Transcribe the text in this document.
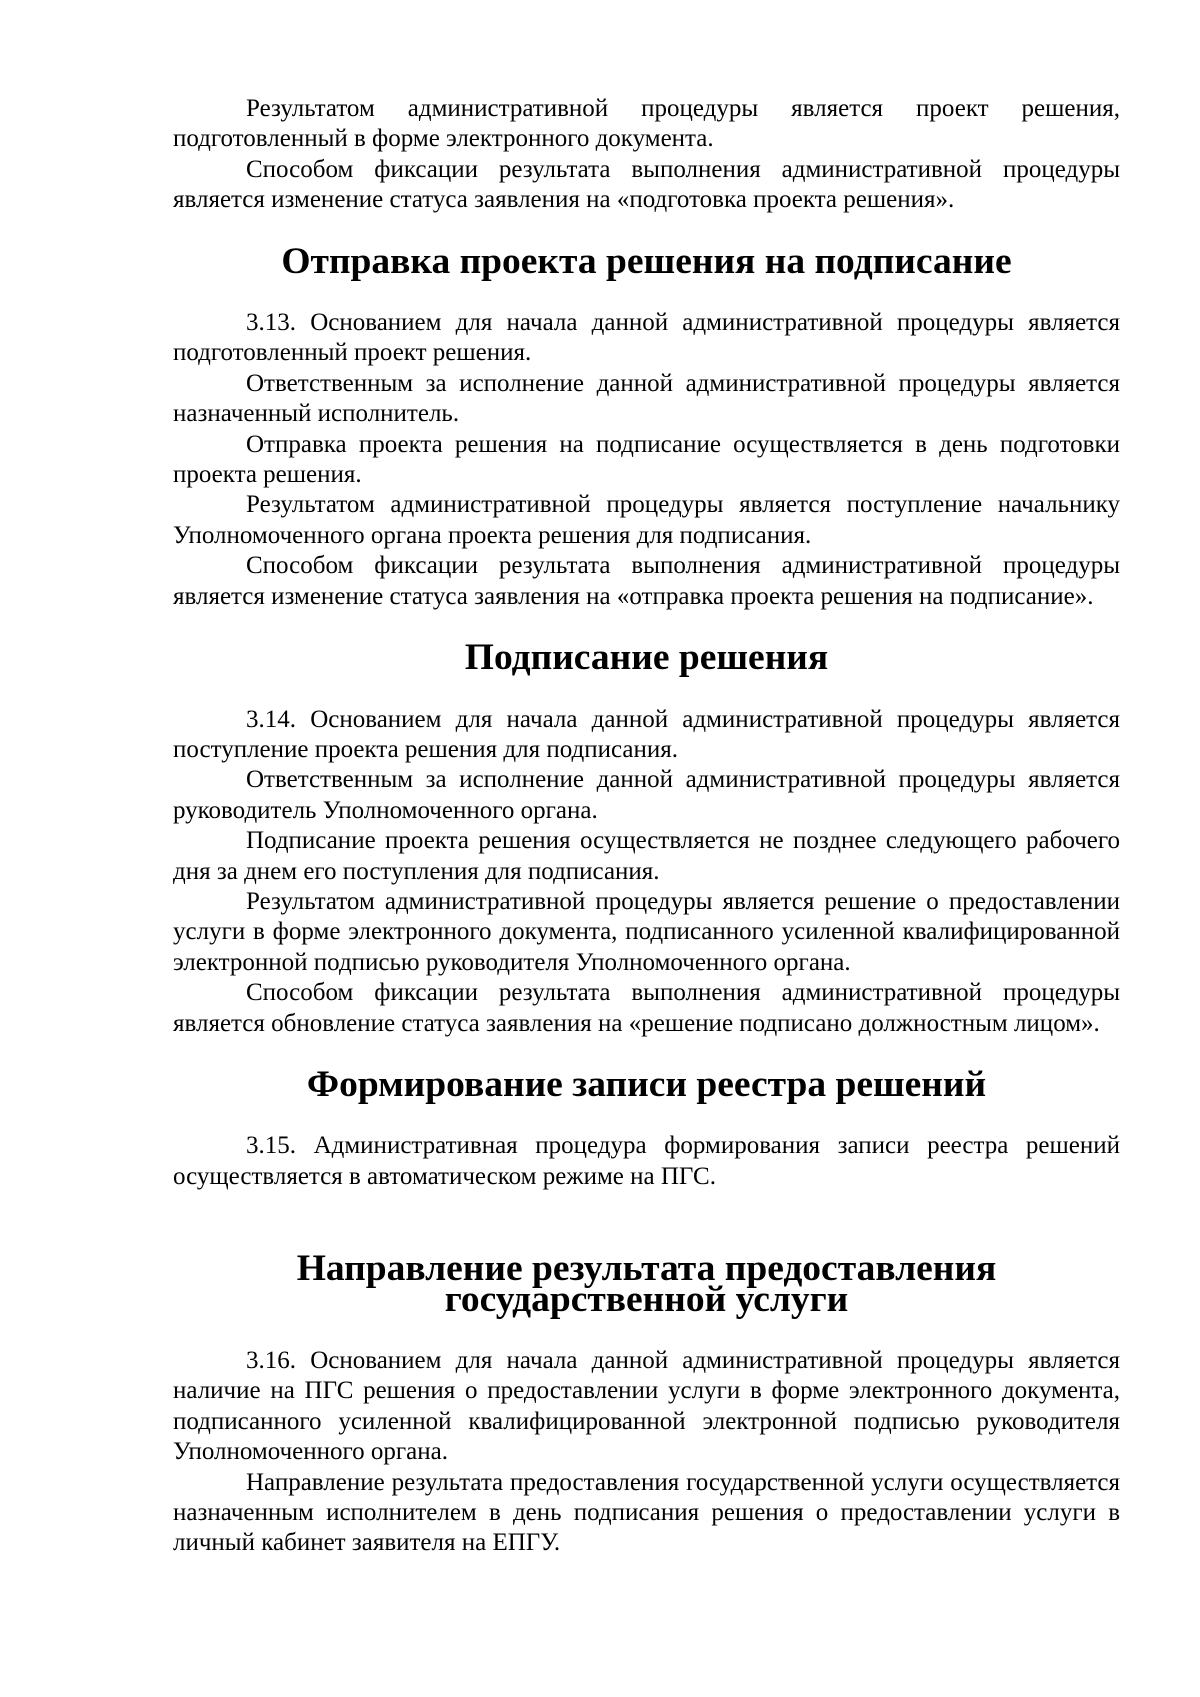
Результатом административной процедуры является проект решения, подготовленный в форме электронного документа.

Способом фиксации результата выполнения административной процедуры является изменение статуса заявления на «подготовка проекта решения».

Отправка проекта решения на подписание

3.13. Основанием для начала данной административной процедуры является подготовленный проект решения.

Ответственным за исполнение данной административной процедуры является назначенный исполнитель.

Отправка проекта решения на подписание осуществляется в день подготовки проекта решения.

Результатом административной процедуры является поступление начальнику Уполномоченного органа проекта решения для подписания.

Способом фиксации результата выполнения административной процедуры является изменение статуса заявления на «отправка проекта решения на подписание».

Подписание решения

3.14. Основанием для начала данной административной процедуры является поступление проекта решения для подписания.

Ответственным за исполнение данной административной процедуры является руководитель Уполномоченного органа.

Подписание проекта решения осуществляется не позднее следующего рабочего дня за днем его поступления для подписания.

Результатом административной процедуры является решение о предоставлении услуги в форме электронного документа, подписанного усиленной квалифицированной электронной подписью руководителя Уполномоченного органа.

Способом фиксации результата выполнения административной процедуры является обновление статуса заявления на «решение подписано должностным лицом».

Формирование записи реестра решений

3.15. Административная процедура формирования записи реестра решений осуществляется в автоматическом режиме на ПГС.

Направление результата предоставления государственной услуги

3.16. Основанием для начала данной административной процедуры является наличие на ПГС решения о предоставлении услуги в форме электронного документа, подписанного усиленной квалифицированной электронной подписью руководителя Уполномоченного органа.

Направление результата предоставления государственной услуги осуществляется назначенным исполнителем в день подписания решения о предоставлении услуги в личный кабинет заявителя на ЕПГУ.
